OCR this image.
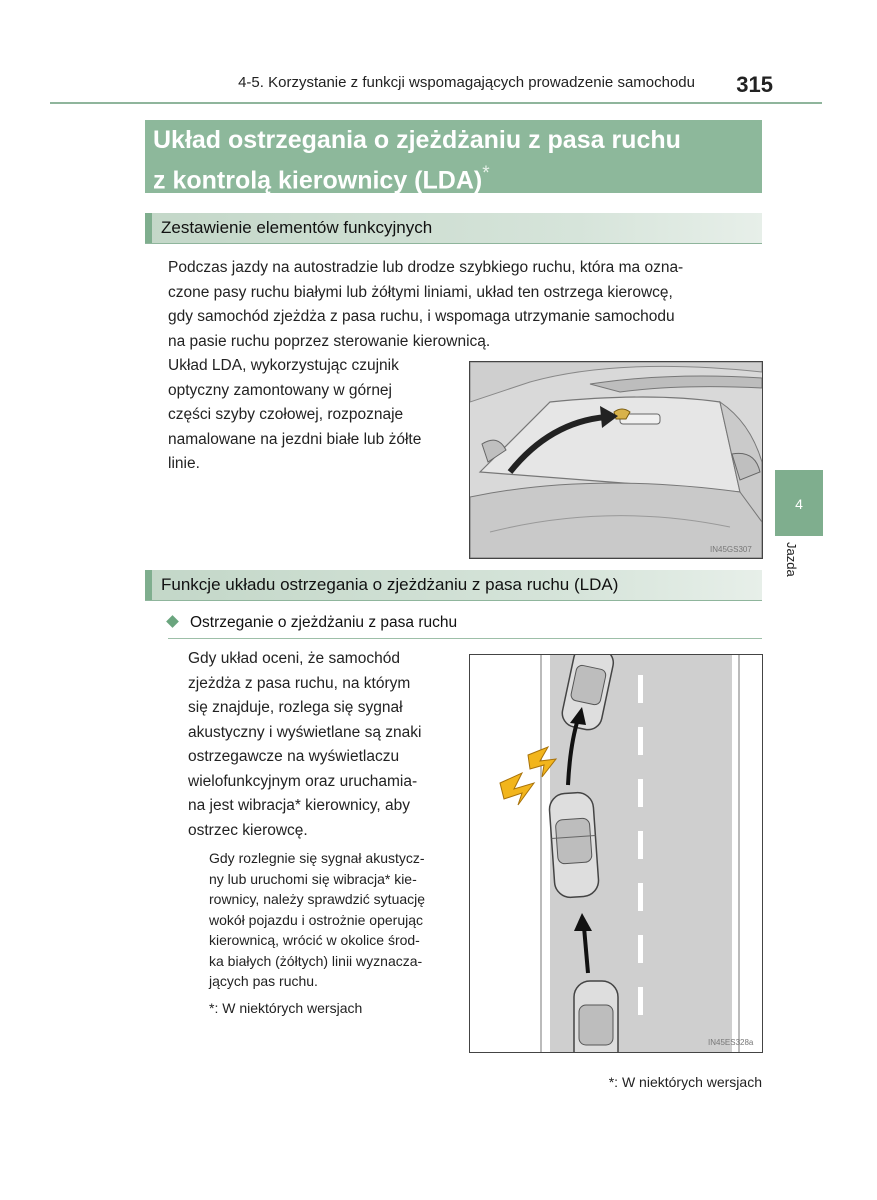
4-5. Korzystanie z funkcji wspomagających prowadzenie samochodu	315
Układ ostrzegania o zjeżdżaniu z pasa ruchu
z kontrolą kierownicy (LDA)*
Zestawienie elementów funkcyjnych
Podczas jazdy na autostradzie lub drodze szybkiego ruchu, która ma ozna-
czone pasy ruchu białymi lub żółtymi liniami, układ ten ostrzega kierowcę,
gdy samochód zjeżdża z pasa ruchu, i wspomaga utrzymanie samochodu
na pasie ruchu poprzez sterowanie kierownicą.
Układ LDA, wykorzystując czujnik
optyczny zamontowany w górnej
części szyby czołowej, rozpoznaje
namalowane na jezdni białe lub żółte
linie.
IN45GS307
Funkcje układu ostrzegania o zjeżdżaniu z pasa ruchu (LDA)
Ostrzeganie o zjeżdżaniu z pasa ruchu
Gdy układ oceni, że samochód
zjeżdża z pasa ruchu, na którym
się znajduje, rozlega się sygnał
akustyczny i wyświetlane są znaki
ostrzegawcze na wyświetlaczu
wielofunkcyjnym oraz uruchamia-
na jest wibracja* kierownicy, aby
ostrzec kierowcę.
Gdy rozlegnie się sygnał akustycz-
ny lub uruchomi się wibracja* kie-
rownicy, należy sprawdzić sytuację
wokół pojazdu i ostrożnie operując
kierownicą, wrócić w okolice środ-
ka białych (żółtych) linii wyznacza-
jących pas ruchu.
*: W niektórych wersjach
IN45ES328a
*: W niektórych wersjach
4
Jazda
